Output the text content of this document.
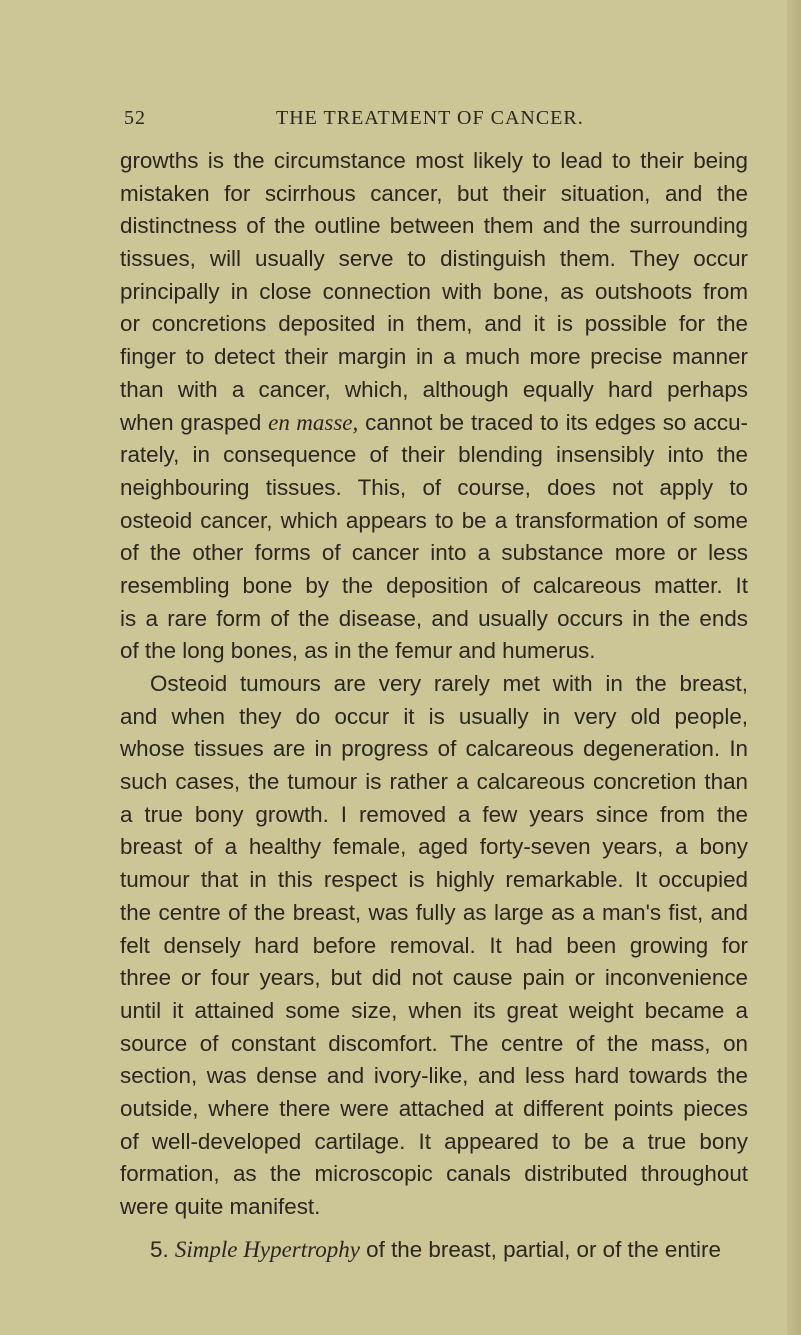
52	THE TREATMENT OF CANCER.
growths is the circumstance most likely to lead to their being
mistaken for scirrhous cancer, but their situation, and the
distinctness of the outline between them and the surrounding
tissues, will usually serve to distinguish them. They occur
principally in close connection with bone, as outshoots from
or concretions deposited in them, and it is possible for the
finger to detect their margin in a much more precise manner
than with a cancer, which, although equally hard perhaps
when grasped en masse, cannot be traced to its edges so accu-
rately, in consequence of their blending insensibly into the
neighbouring tissues. This, of course, does not apply to
osteoid cancer, which appears to be a transformation of some
of the other forms of cancer into a substance more or less
resembling bone by the deposition of calcareous matter. It
is a rare form of the disease, and usually occurs in the ends
of the long bones, as in the femur and humerus.
Osteoid tumours are very rarely met with in the breast,
and when they do occur it is usually in very old people,
whose tissues are in progress of calcareous degeneration. In
such cases, the tumour is rather a calcareous concretion than
a true bony growth. I removed a few years since from the
breast of a healthy female, aged forty-seven years, a bony
tumour that in this respect is highly remarkable. It occupied
the centre of the breast, was fully as large as a man's fist, and
felt densely hard before removal. It had been growing for
three or four years, but did not cause pain or inconvenience
until it attained some size, when its great weight became a
source of constant discomfort. The centre of the mass, on
section, was dense and ivory-like, and less hard towards the
outside, where there were attached at different points pieces
of well-developed cartilage. It appeared to be a true bony
formation, as the microscopic canals distributed throughout
were quite manifest.
5. Simple Hypertrophy of the breast, partial, or of the entire
